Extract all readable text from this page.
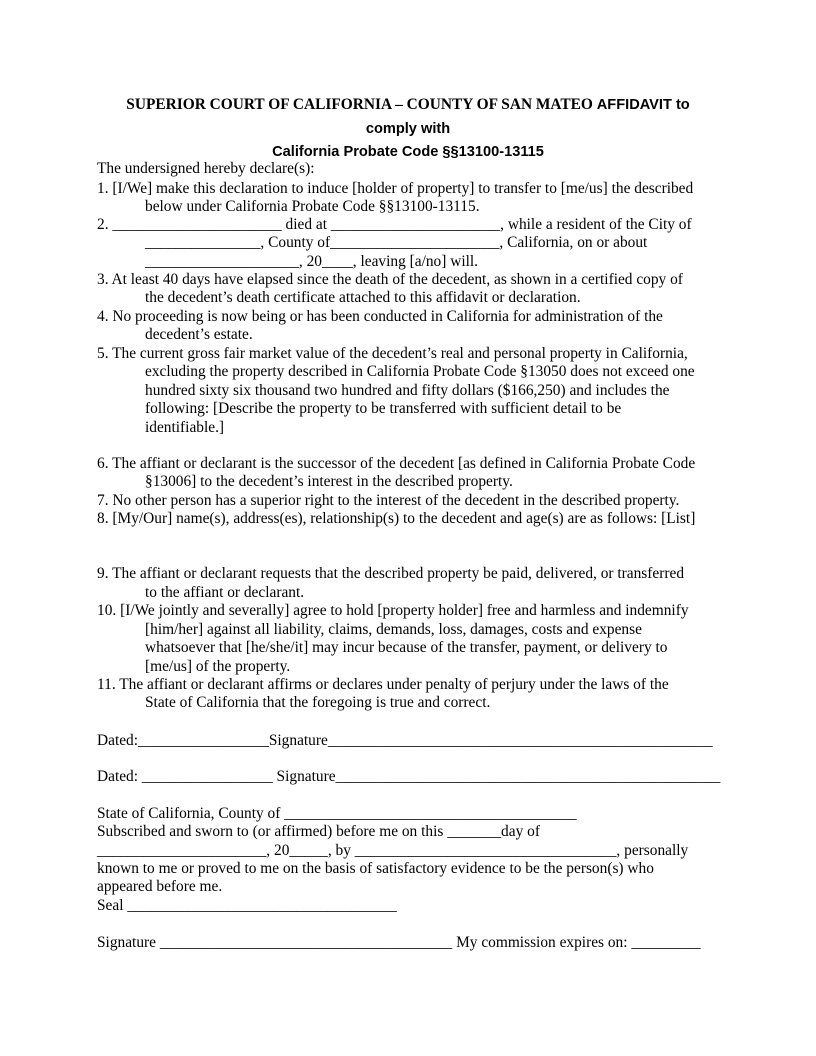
SUPERIOR COURT OF CALIFORNIA – COUNTY OF SAN MATEO AFFIDAVIT to
comply with
California Probate Code §§13100-13115
The undersigned hereby declare(s):
1. [I/We] make this declaration to induce [holder of property] to transfer to [me/us] the described
below under California Probate Code §§13100-13115.
2. ______________________ died at ______________________, while a resident of the City of
_______________, County of______________________, California, on or about
____________________, 20____, leaving [a/no] will.
3. At least 40 days have elapsed since the death of the decedent, as shown in a certified copy of
the decedent’s death certificate attached to this affidavit or declaration.
4. No proceeding is now being or has been conducted in California for administration of the
decedent’s estate.
5. The current gross fair market value of the decedent’s real and personal property in California,
excluding the property described in California Probate Code §13050 does not exceed one
hundred sixty six thousand two hundred and fifty dollars ($166,250) and includes the
following: [Describe the property to be transferred with sufficient detail to be
identifiable.]
6. The affiant or declarant is the successor of the decedent [as defined in California Probate Code
§13006] to the decedent’s interest in the described property.
7. No other person has a superior right to the interest of the decedent in the described property.
8. [My/Our] name(s), address(es), relationship(s) to the decedent and age(s) are as follows: [List]
9. The affiant or declarant requests that the described property be paid, delivered, or transferred
to the affiant or declarant.
10. [I/We jointly and severally] agree to hold [property holder] free and harmless and indemnify
[him/her] against all liability, claims, demands, loss, damages, costs and expense
whatsoever that [he/she/it] may incur because of the transfer, payment, or delivery to
[me/us] of the property.
11. The affiant or declarant affirms or declares under penalty of perjury under the laws of the
State of California that the foregoing is true and correct.
Dated:_________________Signature__________________________________________________
Dated: _________________ Signature__________________________________________________
State of California, County of ______________________________________
Subscribed and sworn to (or affirmed) before me on this _______day of
______________________, 20_____, by __________________________________, personally
known to me or proved to me on the basis of satisfactory evidence to be the person(s) who
appeared before me.
Seal ___________________________________
Signature ______________________________________ My commission expires on: _________
